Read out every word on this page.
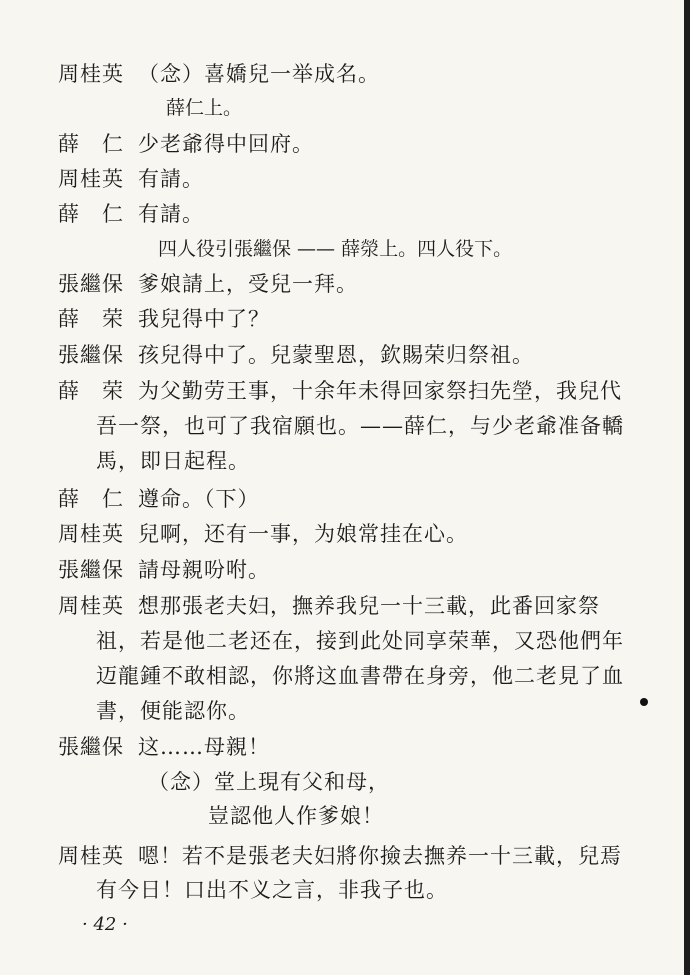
周桂英 （念）喜嬌兒一举成名。
薛仁上。
薛　仁 少老爺得中回府。
周桂英 有請。
薛　仁 有請。
四人役引張繼保 —— 薛滎上。四人役下。
張繼保 爹娘請上，受兒一拜。
薛　荣 我兒得中了？
張繼保 孩兒得中了。兒蒙聖恩，欽賜荣归祭祖。
薛　荣 为父勤劳王事，十余年未得回家祭扫先塋，我兒代
吾一祭，也可了我宿願也。——薛仁，与少老爺准备轎
馬，即日起程。
薛　仁 遵命。（下）
周桂英 兒啊，还有一事，为娘常挂在心。
張繼保 請母親吩咐。
周桂英 想那張老夫妇，撫养我兒一十三載，此番回家祭
祖，若是他二老还在，接到此处同享荣華，又恐他們年
迈龍鍾不敢相認，你將这血書帶在身旁，他二老見了血
書，便能認你。
張繼保 这……母親！
（念）堂上現有父和母，
豈認他人作爹娘！
周桂英 嗯！若不是張老夫妇將你撿去撫养一十三載，兒焉
有今日！口出不义之言，非我子也。
· 42 ·
